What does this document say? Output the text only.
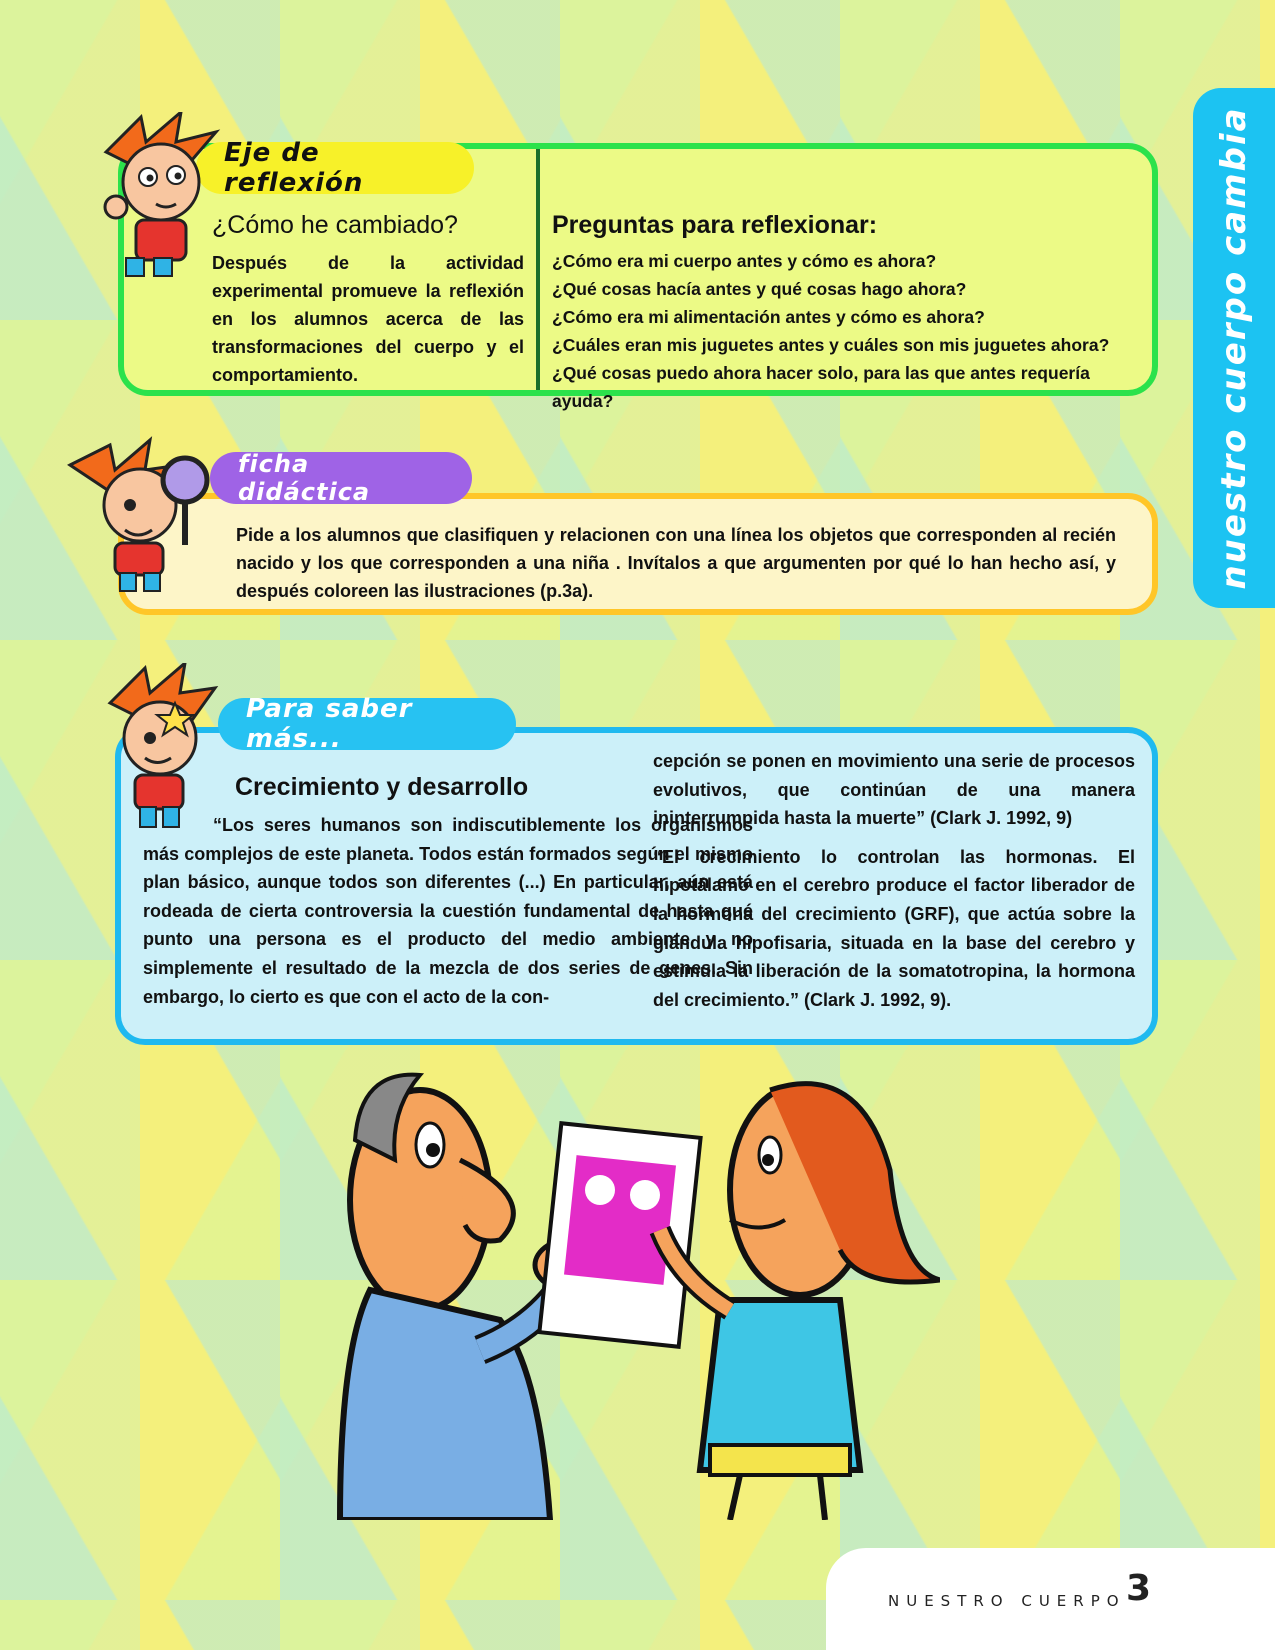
nuestro cuerpo cambia
¿Cómo he cambiado?
Después de la actividad experimental promueve la reflexión en los alumnos acerca de las transformaciones del cuerpo y el comportamiento.
Preguntas para reflexionar:
¿Cómo era mi cuerpo antes y cómo es ahora?
¿Qué cosas hacía antes y qué cosas hago ahora?
¿Cómo era mi alimentación antes y cómo es ahora?
¿Cuáles eran mis juguetes antes y cuáles son mis juguetes ahora?
¿Qué cosas puedo ahora hacer solo, para las que antes requería ayuda?
Eje de reflexión
Pide a los alumnos que clasifiquen y relacionen con una línea los objetos que corresponden al recién nacido y los que corresponden a una niña . Invítalos a que argumenten por qué lo han hecho así, y después coloreen las ilustraciones (p.3a).
ficha didáctica
Crecimiento y desarrollo
“Los seres humanos son indiscutiblemente los organismos más complejos de este planeta. Todos están formados según el mismo plan básico, aunque todos son diferentes (...) En particular, aún está rodeada de cierta controversia la cuestión fundamental de hasta qué punto una persona es el producto del medio ambiente y no simplemente el resultado de la mezcla de dos series de genes. Sin embargo, lo cierto es que con el acto de la con-

cepción se ponen en movimiento una serie de procesos evolutivos, que continúan de una manera ininterrumpida hasta la muerte” (Clark J. 1992, 9)

“El crecimiento lo controlan las hormonas. El hipotálamo en el cerebro produce el factor liberador de la hormona del crecimiento (GRF), que actúa sobre la glándula hipofisaria, situada en la base del cerebro y estimula la liberación de la somatotropina, la hormona del crecimiento.” (Clark J. 1992, 9).

Para saber más...
NUESTRO CUERPO 3
